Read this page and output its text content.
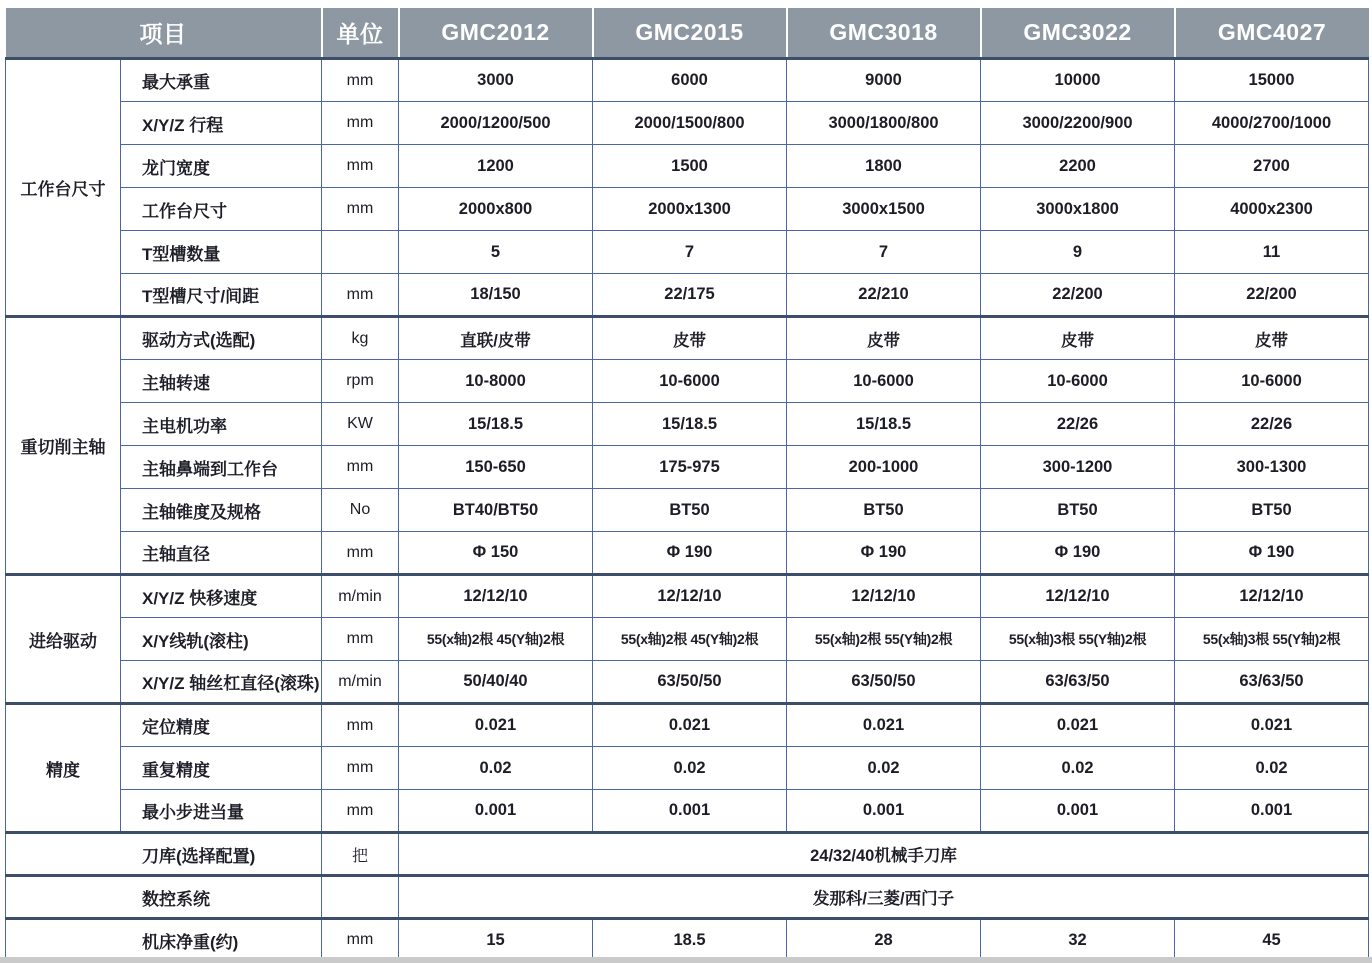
项目		单位	GMC2012	GMC2015	GMC3018	GMC3022	GMC4027
工作台尺寸	最大承重	mm	3000	6000	9000	10000	15000
	X/Y/Z 行程	mm	2000/1200/500	2000/1500/800	3000/1800/800	3000/2200/900	4000/2700/1000
	龙门宽度	mm	1200	1500	1800	2200	2700
	工作台尺寸	mm	2000x800	2000x1300	3000x1500	3000x1800	4000x2300
	T型槽数量		5	7	7	9	11
	T型槽尺寸/间距	mm	18/150	22/175	22/210	22/200	22/200
重切削主轴	驱动方式(选配)	kg	直联/皮带	皮带	皮带	皮带	皮带
	主轴转速	rpm	10-8000	10-6000	10-6000	10-6000	10-6000
	主电机功率	KW	15/18.5	15/18.5	15/18.5	22/26	22/26
	主轴鼻端到工作台	mm	150-650	175-975	200-1000	300-1200	300-1300
	主轴锥度及规格	No	BT40/BT50	BT50	BT50	BT50	BT50
	主轴直径	mm	Φ 150	Φ 190	Φ 190	Φ 190	Φ 190
进给驱动	X/Y/Z 快移速度	m/min	12/12/10	12/12/10	12/12/10	12/12/10	12/12/10
	X/Y线轨(滚柱)	mm	55(x轴)2根 45(Y轴)2根	55(x轴)2根 45(Y轴)2根	55(x轴)2根 55(Y轴)2根	55(x轴)3根 55(Y轴)2根	55(x轴)3根 55(Y轴)2根
	X/Y/Z 轴丝杠直径(滚珠)	m/min	50/40/40	63/50/50	63/50/50	63/63/50	63/63/50
精度	定位精度	mm	0.021	0.021	0.021	0.021	0.021
	重复精度	mm	0.02	0.02	0.02	0.02	0.02
	最小步进当量	mm	0.001	0.001	0.001	0.001	0.001
刀库(选择配置)		把	24/32/40机械手刀库				
数控系统			发那科/三菱/西门子				
机床净重(约)		mm	15	18.5	28	32	45
